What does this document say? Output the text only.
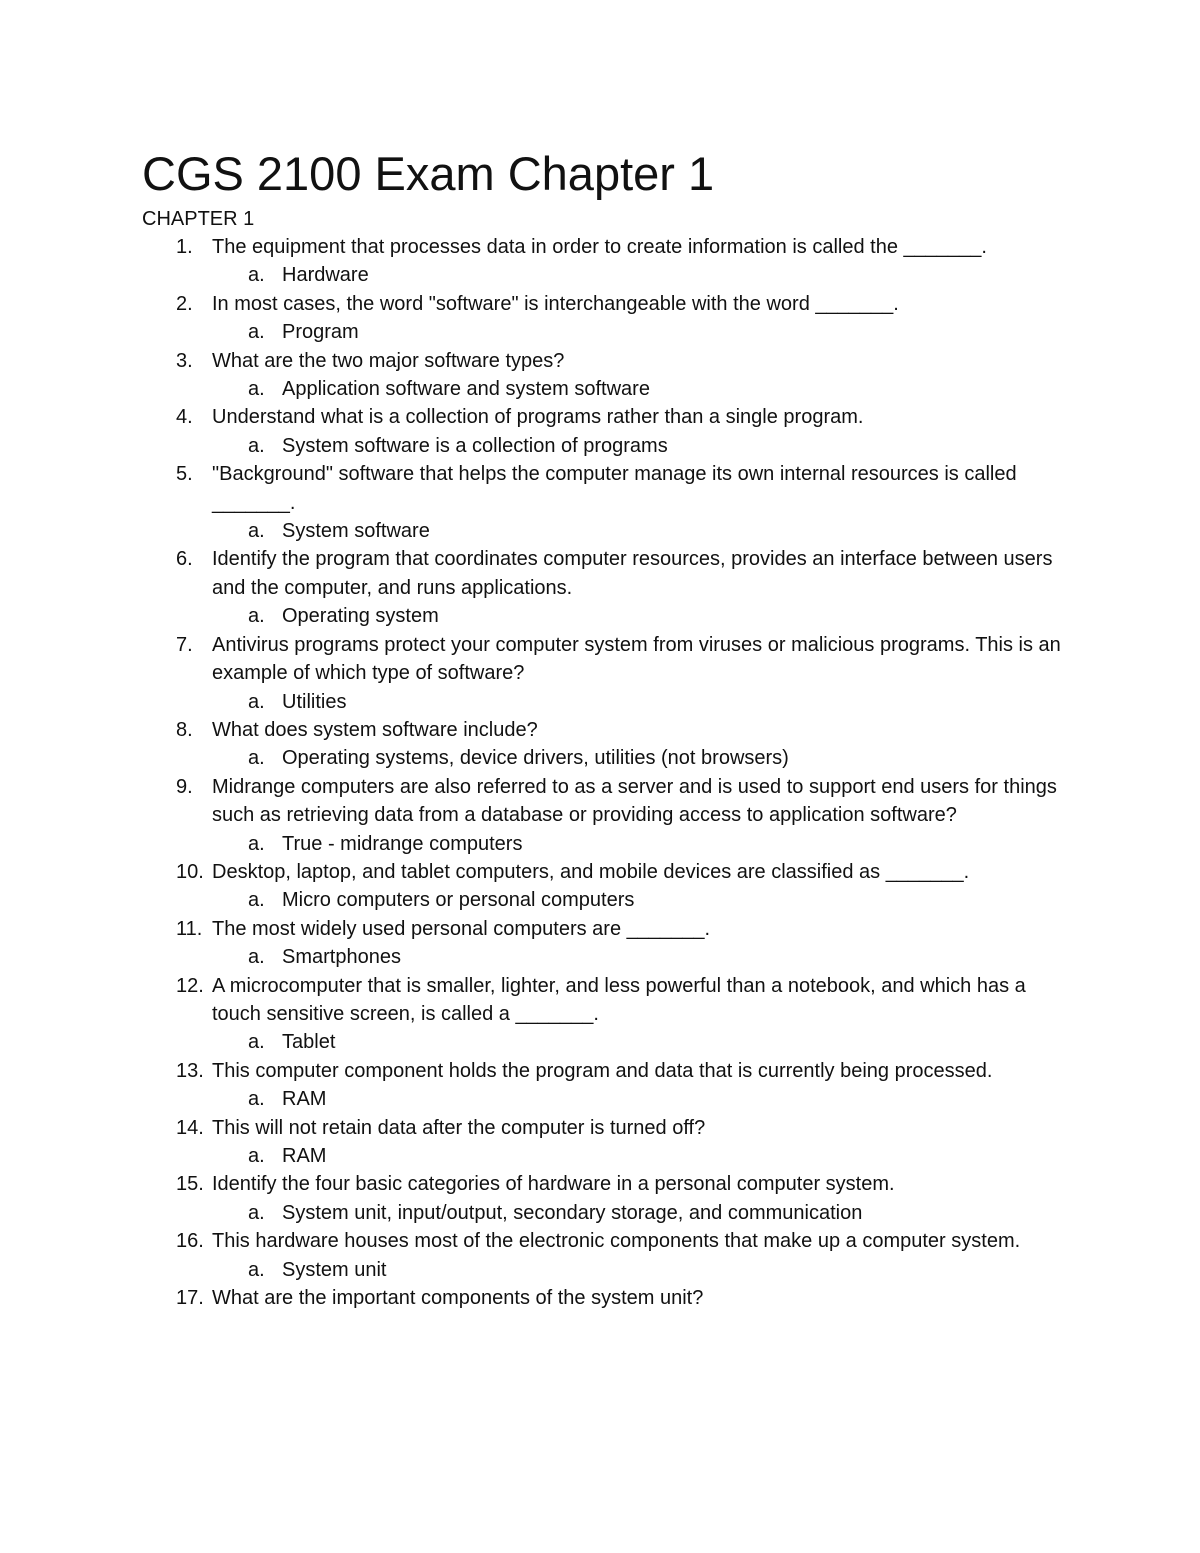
CGS 2100 Exam Chapter 1
CHAPTER 1
1. The equipment that processes data in order to create information is called the _______.
a. Hardware
2. In most cases, the word "software" is interchangeable with the word _______.
a. Program
3. What are the two major software types?
a. Application software and system software
4. Understand what is a collection of programs rather than a single program.
a. System software is a collection of programs
5. "Background" software that helps the computer manage its own internal resources is called _______.
a. System software
6. Identify the program that coordinates computer resources, provides an interface between users and the computer, and runs applications.
a. Operating system
7. Antivirus programs protect your computer system from viruses or malicious programs. This is an example of which type of software?
a. Utilities
8. What does system software include?
a. Operating systems, device drivers, utilities (not browsers)
9. Midrange computers are also referred to as a server and is used to support end users for things such as retrieving data from a database or providing access to application software?
a. True - midrange computers
10. Desktop, laptop, and tablet computers, and mobile devices are classified as _______.
a. Micro computers or personal computers
11. The most widely used personal computers are _______.
a. Smartphones
12. A microcomputer that is smaller, lighter, and less powerful than a notebook, and which has a touch sensitive screen, is called a _______.
a. Tablet
13. This computer component holds the program and data that is currently being processed.
a. RAM
14. This will not retain data after the computer is turned off?
a. RAM
15. Identify the four basic categories of hardware in a personal computer system.
a. System unit, input/output, secondary storage, and communication
16. This hardware houses most of the electronic components that make up a computer system.
a. System unit
17. What are the important components of the system unit?
